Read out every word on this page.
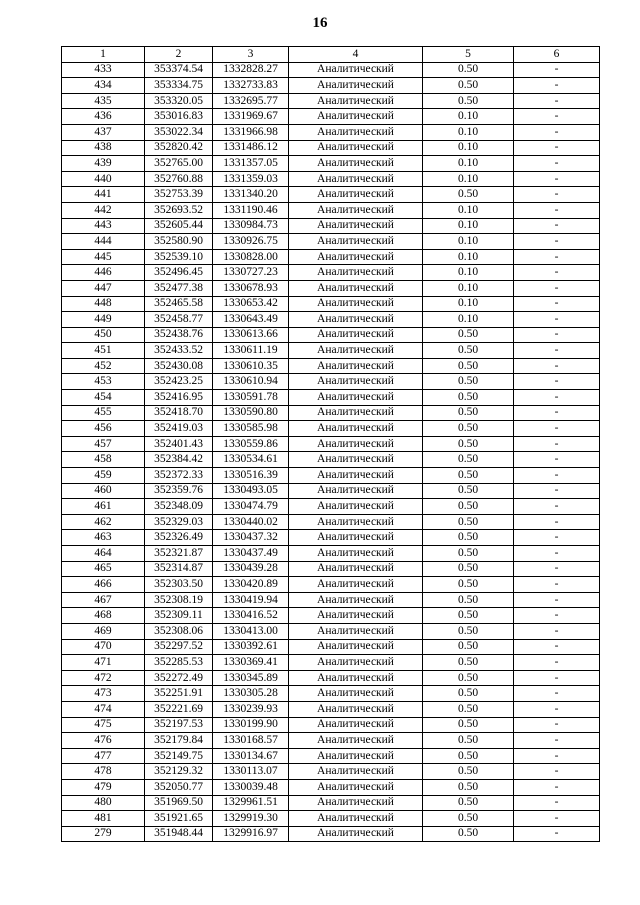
16
1	2	3	4	5	6
433	353374.54	1332828.27	Аналитический	0.50	-
434	353334.75	1332733.83	Аналитический	0.50	-
435	353320.05	1332695.77	Аналитический	0.50	-
436	353016.83	1331969.67	Аналитический	0.10	-
437	353022.34	1331966.98	Аналитический	0.10	-
438	352820.42	1331486.12	Аналитический	0.10	-
439	352765.00	1331357.05	Аналитический	0.10	-
440	352760.88	1331359.03	Аналитический	0.10	-
441	352753.39	1331340.20	Аналитический	0.50	-
442	352693.52	1331190.46	Аналитический	0.10	-
443	352605.44	1330984.73	Аналитический	0.10	-
444	352580.90	1330926.75	Аналитический	0.10	-
445	352539.10	1330828.00	Аналитический	0.10	-
446	352496.45	1330727.23	Аналитический	0.10	-
447	352477.38	1330678.93	Аналитический	0.10	-
448	352465.58	1330653.42	Аналитический	0.10	-
449	352458.77	1330643.49	Аналитический	0.10	-
450	352438.76	1330613.66	Аналитический	0.50	-
451	352433.52	1330611.19	Аналитический	0.50	-
452	352430.08	1330610.35	Аналитический	0.50	-
453	352423.25	1330610.94	Аналитический	0.50	-
454	352416.95	1330591.78	Аналитический	0.50	-
455	352418.70	1330590.80	Аналитический	0.50	-
456	352419.03	1330585.98	Аналитический	0.50	-
457	352401.43	1330559.86	Аналитический	0.50	-
458	352384.42	1330534.61	Аналитический	0.50	-
459	352372.33	1330516.39	Аналитический	0.50	-
460	352359.76	1330493.05	Аналитический	0.50	-
461	352348.09	1330474.79	Аналитический	0.50	-
462	352329.03	1330440.02	Аналитический	0.50	-
463	352326.49	1330437.32	Аналитический	0.50	-
464	352321.87	1330437.49	Аналитический	0.50	-
465	352314.87	1330439.28	Аналитический	0.50	-
466	352303.50	1330420.89	Аналитический	0.50	-
467	352308.19	1330419.94	Аналитический	0.50	-
468	352309.11	1330416.52	Аналитический	0.50	-
469	352308.06	1330413.00	Аналитический	0.50	-
470	352297.52	1330392.61	Аналитический	0.50	-
471	352285.53	1330369.41	Аналитический	0.50	-
472	352272.49	1330345.89	Аналитический	0.50	-
473	352251.91	1330305.28	Аналитический	0.50	-
474	352221.69	1330239.93	Аналитический	0.50	-
475	352197.53	1330199.90	Аналитический	0.50	-
476	352179.84	1330168.57	Аналитический	0.50	-
477	352149.75	1330134.67	Аналитический	0.50	-
478	352129.32	1330113.07	Аналитический	0.50	-
479	352050.77	1330039.48	Аналитический	0.50	-
480	351969.50	1329961.51	Аналитический	0.50	-
481	351921.65	1329919.30	Аналитический	0.50	-
279	351948.44	1329916.97	Аналитический	0.50	-
